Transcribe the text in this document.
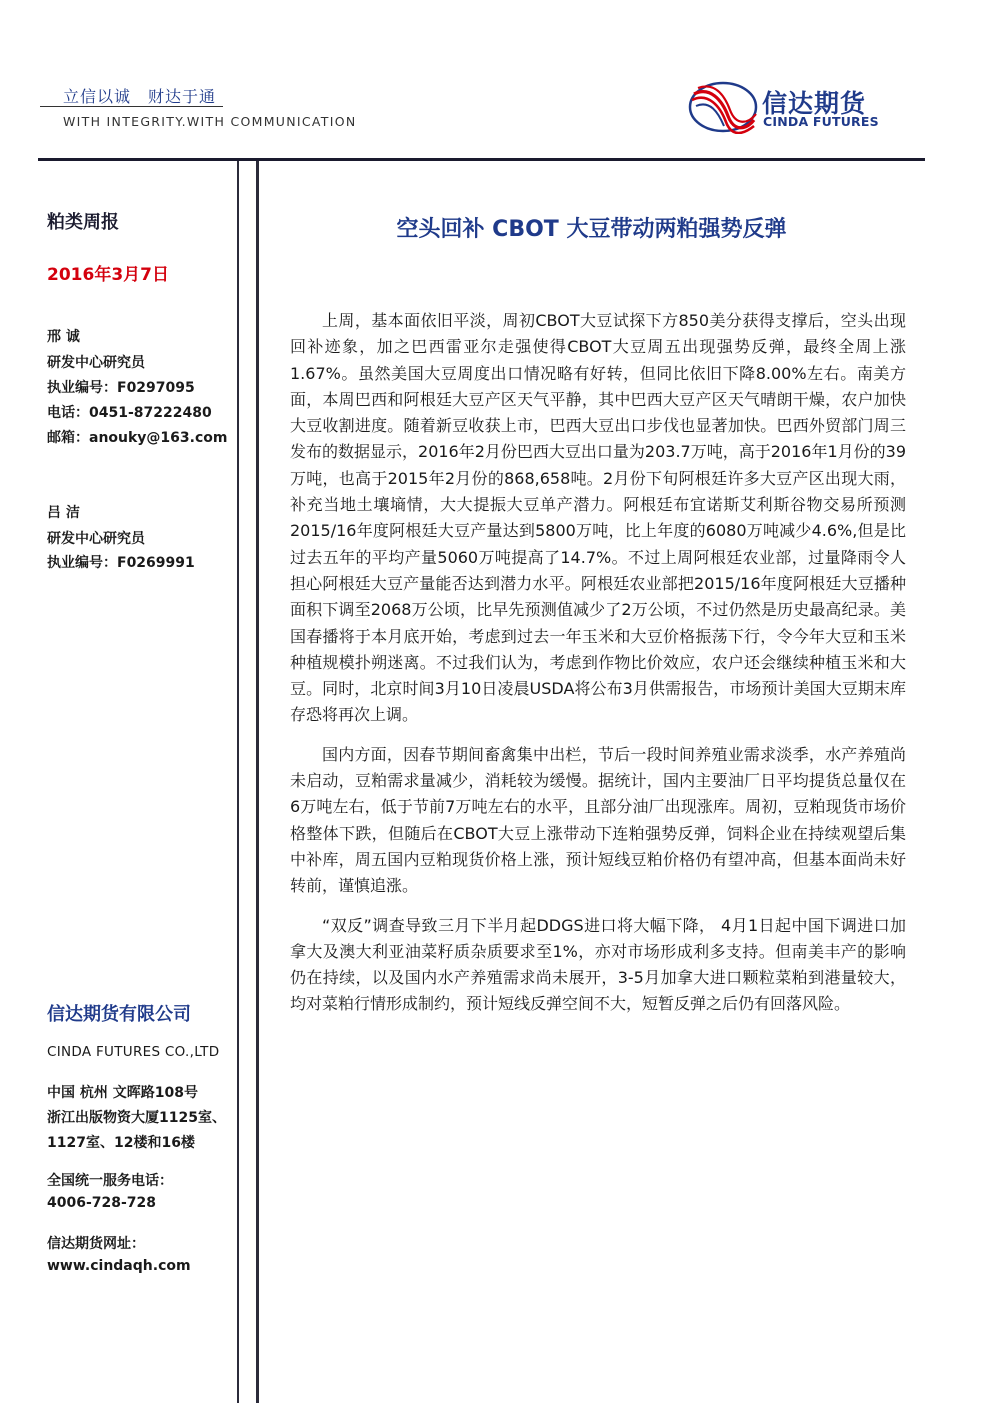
立信以诚　财达于通
WITH INTEGRITY.WITH COMMUNICATION
信达期货
CINDA FUTURES
粕类周报
2016年3月7日
邢 诚
研发中心研究员
执业编号：F0297095
电话：0451-87222480
邮箱：anouky@163.com
吕 洁
研发中心研究员
执业编号：F0269991
信达期货有限公司
CINDA FUTURES CO.,LTD
中国 杭州 文晖路108号
浙江出版物资大厦1125室、
1127室、12楼和16楼
全国统一服务电话：
4006-728-728
信达期货网址：
www.cindaqh.com
空头回补 CBOT 大豆带动两粕强势反弹

上周，基本面依旧平淡，周初CBOT大豆试探下方850美分获得支撑后，空头出现回补迹象，加之巴西雷亚尔走强使得CBOT大豆周五出现强势反弹，最终全周上涨1.67%。虽然美国大豆周度出口情况略有好转，但同比依旧下降8.00%左右。南美方面，本周巴西和阿根廷大豆产区天气平静，其中巴西大豆产区天气晴朗干燥，农户加快大豆收割进度。随着新豆收获上市，巴西大豆出口步伐也显著加快。巴西外贸部门周三发布的数据显示，2016年2月份巴西大豆出口量为203.7万吨，高于2016年1月份的39万吨，也高于2015年2月份的868,658吨。2月份下旬阿根廷许多大豆产区出现大雨，补充当地土壤墒情，大大提振大豆单产潜力。阿根廷布宜诺斯艾利斯谷物交易所预测2015/16年度阿根廷大豆产量达到5800万吨，比上年度的6080万吨减少4.6%,但是比过去五年的平均产量5060万吨提高了14.7%。不过上周阿根廷农业部，过量降雨令人担心阿根廷大豆产量能否达到潜力水平。阿根廷农业部把2015/16年度阿根廷大豆播种面积下调至2068万公顷，比早先预测值减少了2万公顷，不过仍然是历史最高纪录。美国春播将于本月底开始，考虑到过去一年玉米和大豆价格振荡下行，令今年大豆和玉米种植规模扑朔迷离。不过我们认为，考虑到作物比价效应，农户还会继续种植玉米和大豆。同时，北京时间3月10日凌晨USDA将公布3月供需报告，市场预计美国大豆期末库存恐将再次上调。

国内方面，因春节期间畜禽集中出栏，节后一段时间养殖业需求淡季，水产养殖尚未启动，豆粕需求量减少，消耗较为缓慢。据统计，国内主要油厂日平均提货总量仅在6万吨左右，低于节前7万吨左右的水平，且部分油厂出现涨库。周初，豆粕现货市场价格整体下跌，但随后在CBOT大豆上涨带动下连粕强势反弹，饲料企业在持续观望后集中补库，周五国内豆粕现货价格上涨，预计短线豆粕价格仍有望冲高，但基本面尚未好转前，谨慎追涨。

“双反”调查导致三月下半月起DDGS进口将大幅下降， 4月1日起中国下调进口加拿大及澳大利亚油菜籽质杂质要求至1%，亦对市场形成利多支持。但南美丰产的影响仍在持续，以及国内水产养殖需求尚未展开，3-5月加拿大进口颗粒菜粕到港量较大，均对菜粕行情形成制约，预计短线反弹空间不大，短暂反弹之后仍有回落风险。
